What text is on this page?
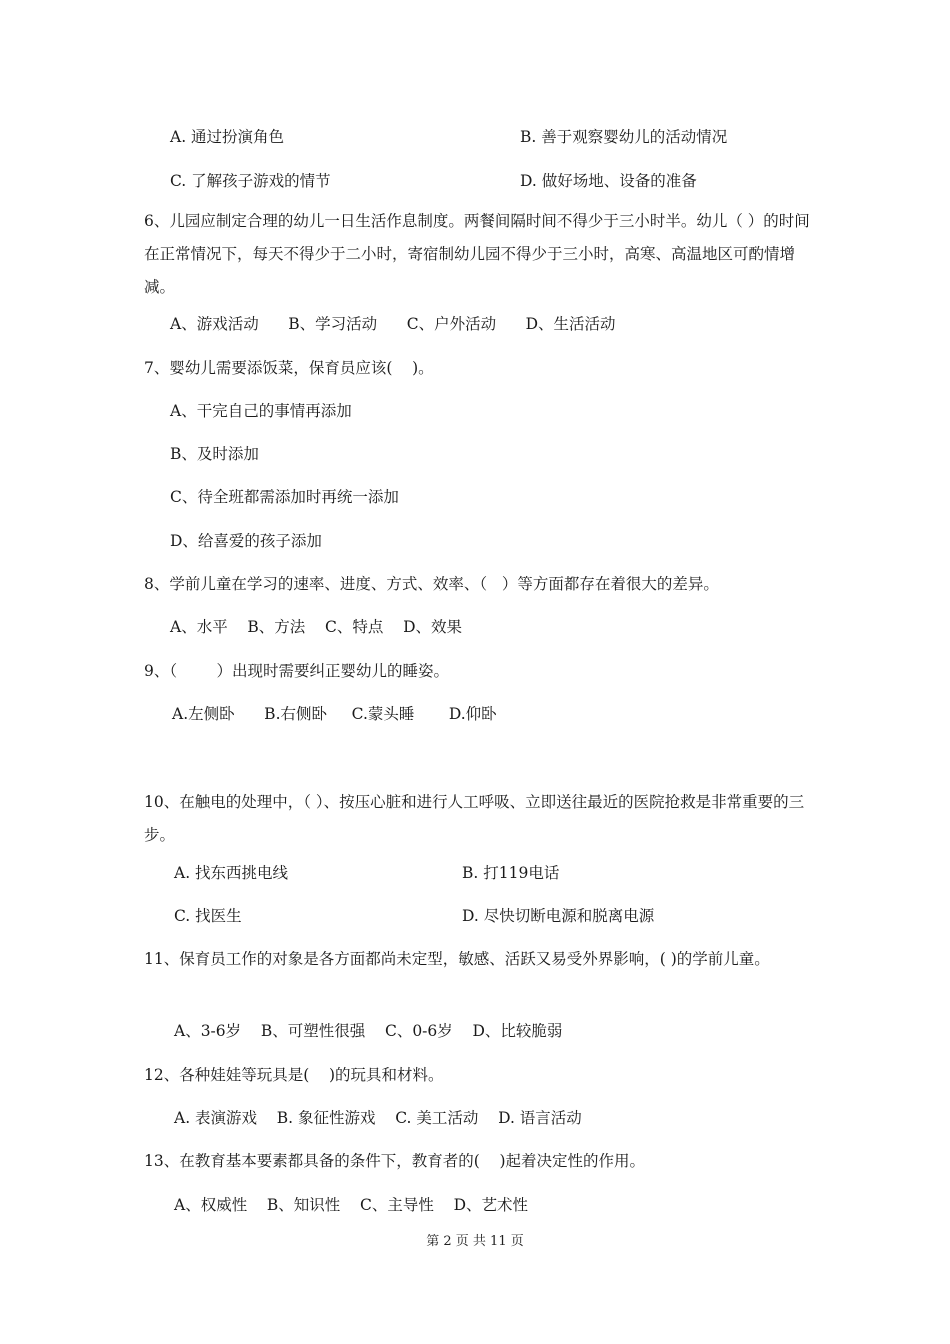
A. 通过扮演角色	B. 善于观察婴幼儿的活动情况
C. 了解孩子游戏的情节	D. 做好场地、设备的准备
6、儿园应制定合理的幼儿一日生活作息制度。两餐间隔时间不得少于三小时半。幼儿（ ）的时间在正常情况下，每天不得少于二小时，寄宿制幼儿园不得少于三小时，高寒、高温地区可酌情增减。
A、游戏活动      B、学习活动      C、户外活动      D、生活活动
7、婴幼儿需要添饭菜，保育员应该(    )。
A、干完自己的事情再添加
B、及时添加
C、待全班都需添加时再统一添加
D、给喜爱的孩子添加
8、学前儿童在学习的速率、进度、方式、效率、（   ）等方面都存在着很大的差异。
A、水平    B、方法    C、特点    D、效果
9、（        ）出现时需要纠正婴幼儿的睡姿。
A.左侧卧      B.右侧卧     C.蒙头睡       D.仰卧
10、在触电的处理中，（ ）、按压心脏和进行人工呼吸、立即送往最近的医院抢救是非常重要的三步。
A. 找东西挑电线	B. 打119电话
C. 找医生	D. 尽快切断电源和脱离电源
11、保育员工作的对象是各方面都尚未定型，敏感、活跃又易受外界影响，( )的学前儿童。
A、3-6岁    B、可塑性很强    C、0-6岁    D、比较脆弱
12、各种娃娃等玩具是(    )的玩具和材料。
A. 表演游戏    B. 象征性游戏    C. 美工活动    D. 语言活动
13、在教育基本要素都具备的条件下，教育者的(    )起着决定性的作用。
A、权威性    B、知识性    C、主导性    D、艺术性
第 2 页 共 11 页
